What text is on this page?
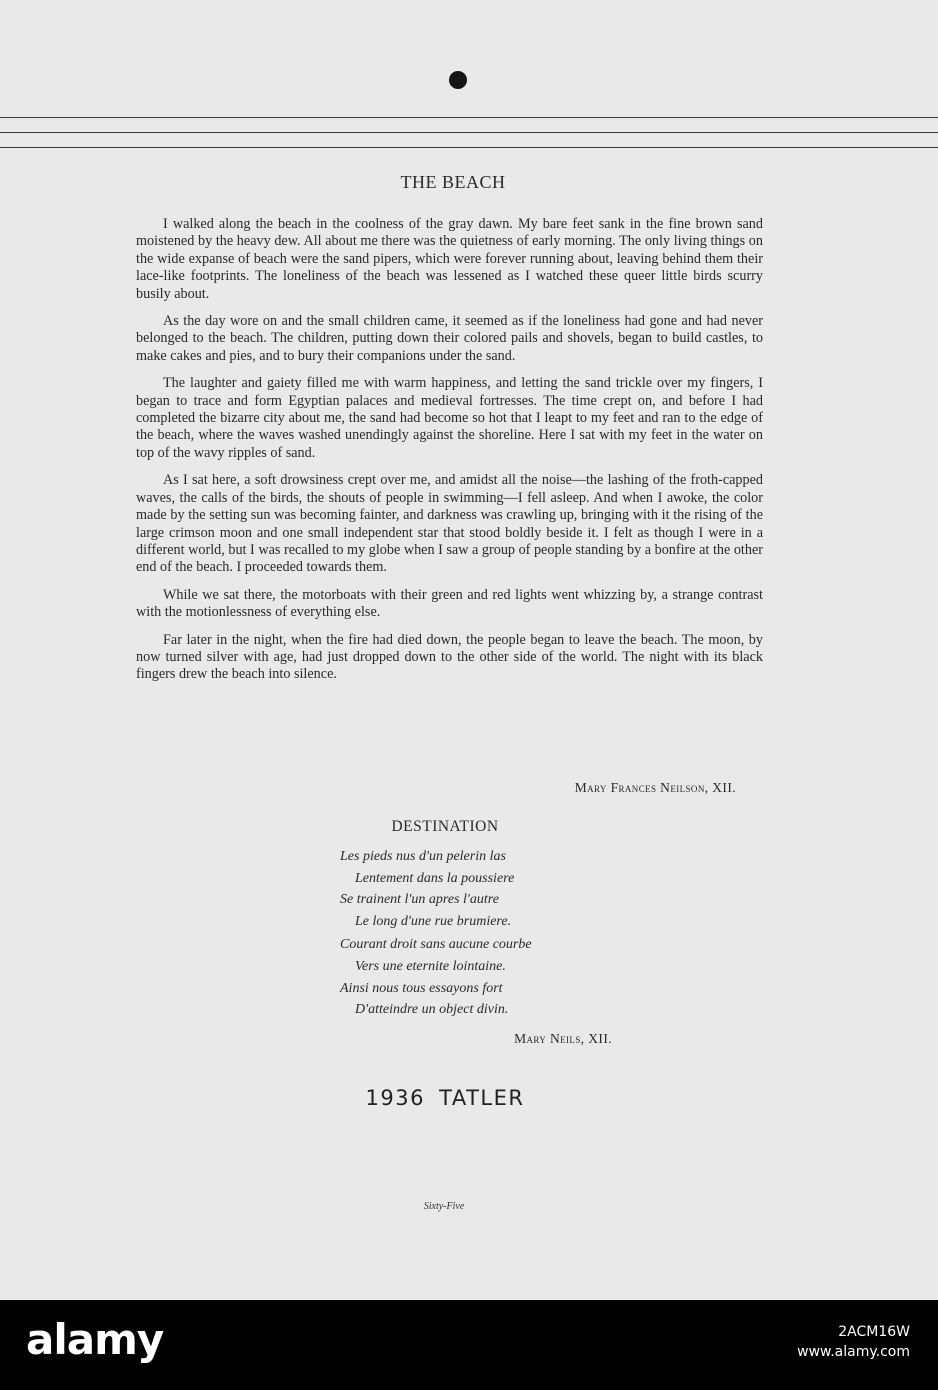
THE BEACH

I walked along the beach in the coolness of the gray dawn. My bare feet sank in the fine brown sand moistened by the heavy dew. All about me there was the quietness of early morning. The only living things on the wide expanse of beach were the sand pipers, which were forever running about, leaving behind them their lace-like footprints. The loneliness of the beach was lessened as I watched these queer little birds scurry busily about.

As the day wore on and the small children came, it seemed as if the loneliness had gone and had never belonged to the beach. The children, putting down their colored pails and shovels, began to build castles, to make cakes and pies, and to bury their companions under the sand.

The laughter and gaiety filled me with warm happiness, and letting the sand trickle over my fingers, I began to trace and form Egyptian palaces and medieval fortresses. The time crept on, and before I had completed the bizarre city about me, the sand had become so hot that I leapt to my feet and ran to the edge of the beach, where the waves washed unendingly against the shoreline. Here I sat with my feet in the water on top of the wavy ripples of sand.

As I sat here, a soft drowsiness crept over me, and amidst all the noise—the lashing of the froth-capped waves, the calls of the birds, the shouts of people in swimming—I fell asleep. And when I awoke, the color made by the setting sun was becoming fainter, and darkness was crawling up, bringing with it the rising of the large crimson moon and one small independent star that stood boldly beside it. I felt as though I were in a different world, but I was recalled to my globe when I saw a group of people standing by a bonfire at the other end of the beach. I proceeded towards them.

While we sat there, the motorboats with their green and red lights went whizzing by, a strange contrast with the motionlessness of everything else.

Far later in the night, when the fire had died down, the people began to leave the beach. The moon, by now turned silver with age, had just dropped down to the other side of the world. The night with its black fingers drew the beach into silence.

Mary Frances Neilson, XII.
DESTINATION
Les pieds nus d'un pelerin las
Lentement dans la poussiere
Se trainent l'un apres l'autre
Le long d'une rue brumiere.
Courant droit sans aucune courbe
Vers une eternite lointaine.
Ainsi nous tous essayons fort
D'atteindre un object divin.
Mary Neils, XII.
1936 TATLER
Sixty-Five
alamy	2ACM16W
www.alamy.com
